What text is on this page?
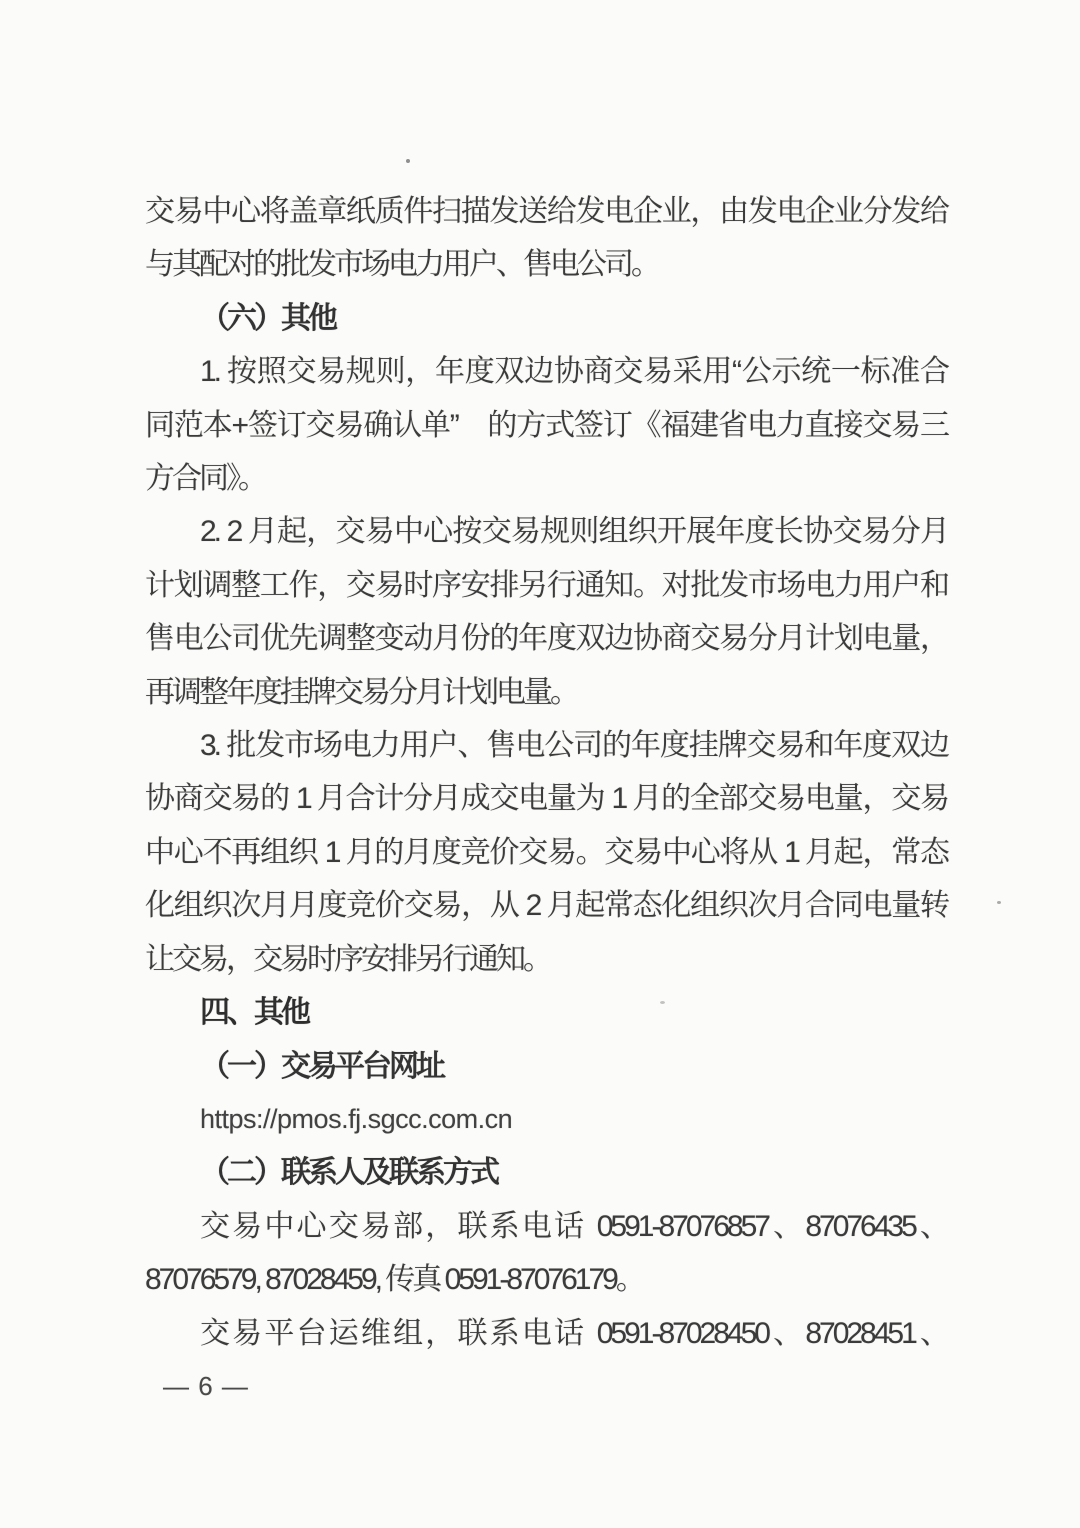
交易中心将盖章纸质件扫描发送给发电企业，由发电企业分发给
与其配对的批发市场电力用户、售电公司。
（六）其他
1. 按照交易规则，年度双边协商交易采用“公示统一标准合
同范本+签订交易确认单”　的方式签订《福建省电力直接交易三
方合同》。
2. 2 月起，交易中心按交易规则组织开展年度长协交易分月
计划调整工作，交易时序安排另行通知。对批发市场电力用户和
售电公司优先调整变动月份的年度双边协商交易分月计划电量，
再调整年度挂牌交易分月计划电量。
3. 批发市场电力用户、售电公司的年度挂牌交易和年度双边
协商交易的 1 月合计分月成交电量为 1 月的全部交易电量，交易
中心不再组织 1 月的月度竞价交易。交易中心将从 1 月起，常态
化组织次月月度竞价交易，从 2 月起常态化组织次月合同电量转
让交易，交易时序安排另行通知。
四、其他
（一）交易平台网址
https://pmos.fj.sgcc.com.cn
（二）联系人及联系方式
交易中心交易部，联系电话 0591-87076857、87076435、
87076579, 87028459, 传真 0591-87076179。
交易平台运维组，联系电话 0591-87028450、87028451、
— 6 —
